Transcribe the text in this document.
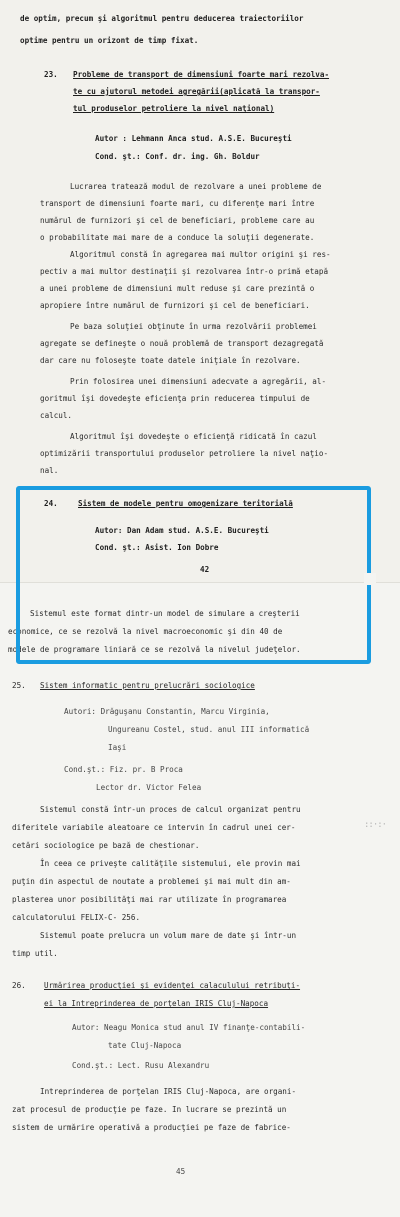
de optim, precum şi algoritmul pentru deducerea traiectoriilor
optime pentru un orizont de timp fixat.
23. Probleme de transport de dimensiuni foarte mari rezolva-
te cu ajutorul metodei agregării(aplicată la transpor-
tul produselor petroliere la nivel naţional)
Autor : Lehmann Anca stud. A.S.E. Bucureşti
Cond. şt.: Conf. dr. ing. Gh. Boldur
Lucrarea tratează modul de rezolvare a unei probleme de
transport de dimensiuni foarte mari, cu diferenţe mari între
numărul de furnizori şi cel de beneficiari, probleme care au
o probabilitate mai mare de a conduce la soluţii degenerate.
Algoritmul constă în agregarea mai multor origini şi res-
pectiv a mai multor destinaţii şi rezolvarea într-o primă etapă
a unei probleme de dimensiuni mult reduse şi care prezintă o
apropiere între numărul de furnizori şi cel de beneficiari.
Pe baza soluţiei obţinute în urma rezolvării problemei
agregate se defineşte o nouă problemă de transport dezagregată
dar care nu foloseşte toate datele iniţiale în rezolvare.
Prin folosirea unei dimensiuni adecvate a agregării, al-
goritmul îşi dovedeşte eficienţa prin reducerea timpului de
calcul.
Algoritmul îşi dovedeşte o eficienţă ridicată în cazul
optimizării transportului produselor petroliere la nivel naţio-
nal.
24.	Sistem de modele pentru omogenizare teritorială
Autor: Dan Adam stud. A.S.E. Bucureşti
Cond. şt.: Asist. Ion Dobre
42
Sistemul este format dintr-un model de simulare a creşterii
economice, ce se rezolvă la nivel macroeconomic şi din 40 de
modele de programare liniară ce se rezolvă la nivelul judeţelor.
25. Sistem informatic pentru prelucrări sociologice
Autori: Drăguşanu Constantin, Marcu Virginia,
Ungureanu Costel, stud. anul III informatică
Iaşi
Cond.şt.: Fiz. pr. B Proca
Lector dr. Victor Felea
Sistemul constă într-un proces de calcul organizat pentru
diferitele variabile aleatoare ce intervin în cadrul unei cer-
cetări sociologice pe bază de chestionar.
În ceea ce priveşte calităţile sistemului, ele provin mai
puţin din aspectul de noutate a problemei şi mai mult din am-
plasterea unor posibilităţi mai rar utilizate în programarea
calculatorului FELIX-C- 256.
Sistemul poate prelucra un volum mare de date şi într-un
timp util.
26. Urmărirea producţiei şi evidenţei calaculului retribuţi-
ei la Intreprinderea de porţelan IRIS Cluj-Napoca
Autor: Neagu Monica stud anul IV finanţe-contabili-
tate Cluj-Napoca
Cond.şt.: Lect. Rusu Alexandru
Intreprinderea de porţelan IRIS Cluj-Napoca, are organi-
zat procesul de producţie pe faze. In lucrare se prezintă un
sistem de urmărire operativă a producţiei pe faze de fabrice-
45
::·:·
